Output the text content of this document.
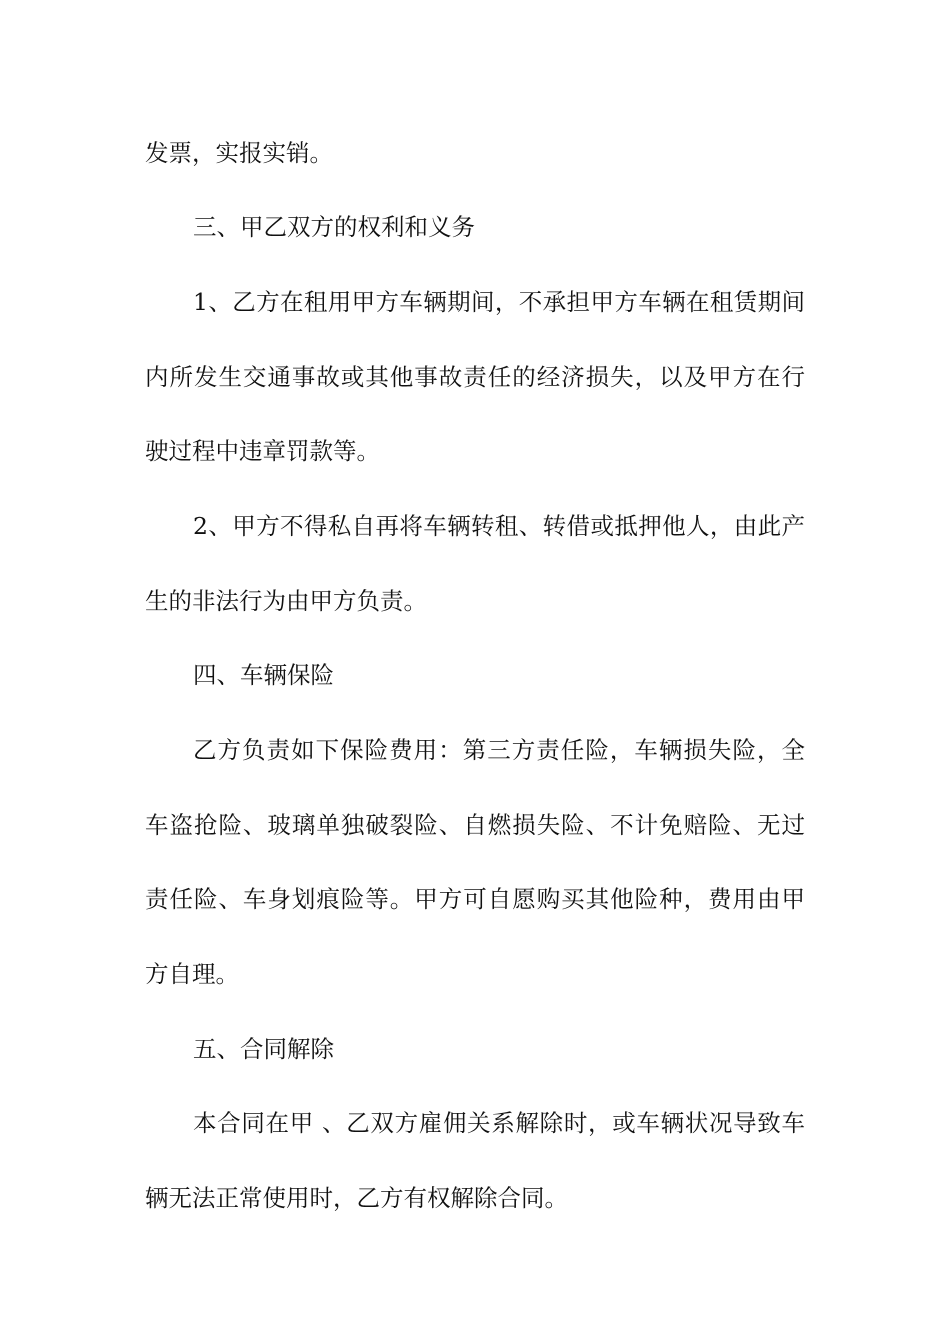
发票，实报实销。
三、甲乙双方的权利和义务
1、乙方在租用甲方车辆期间，不承担甲方车辆在租赁期间
内所发生交通事故或其他事故责任的经济损失，以及甲方在行
驶过程中违章罚款等。
2、甲方不得私自再将车辆转租、转借或抵押他人，由此产
生的非法行为由甲方负责。
四、车辆保险
乙方负责如下保险费用：第三方责任险，车辆损失险，全
车盗抢险、玻璃单独破裂险、自燃损失险、不计免赔险、无过
责任险、车身划痕险等。甲方可自愿购买其他险种，费用由甲
方自理。
五、合同解除
本合同在甲 、乙双方雇佣关系解除时，或车辆状况导致车
辆无法正常使用时，乙方有权解除合同。
